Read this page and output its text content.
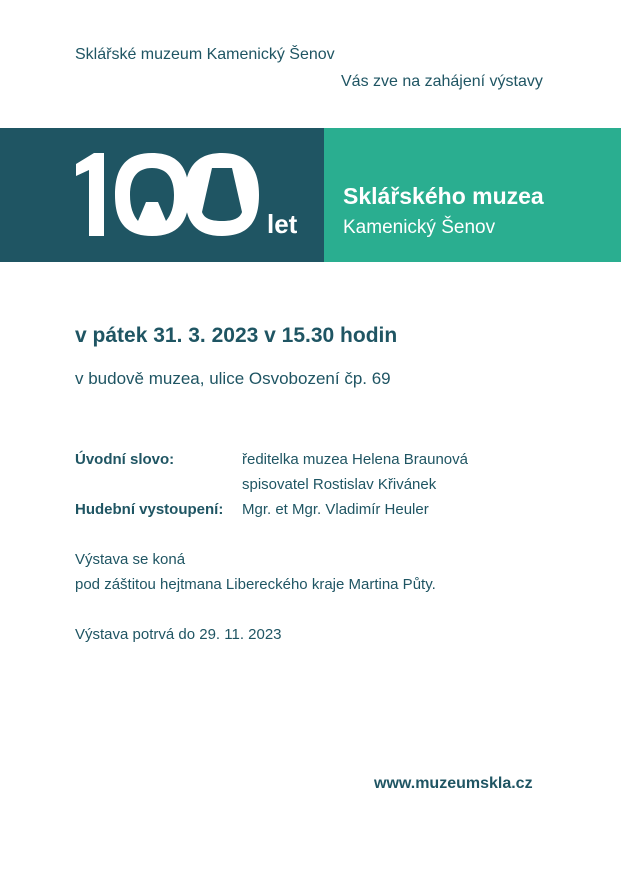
Sklářské muzeum Kamenický Šenov
Vás zve na zahájení výstavy
let
Sklářského muzea
Kamenický Šenov
v pátek 31. 3. 2023 v 15.30 hodin
v budově muzea, ulice Osvobození čp. 69
Úvodní slovo:	ředitelka muzea Helena Braunová
spisovatel Rostislav Křivánek
Hudební vystoupení: Mgr. et Mgr. Vladimír Heuler
Výstava se koná
pod záštitou hejtmana Libereckého kraje Martina Půty.
Výstava potrvá do 29. 11. 2023
www.muzeumskla.cz
